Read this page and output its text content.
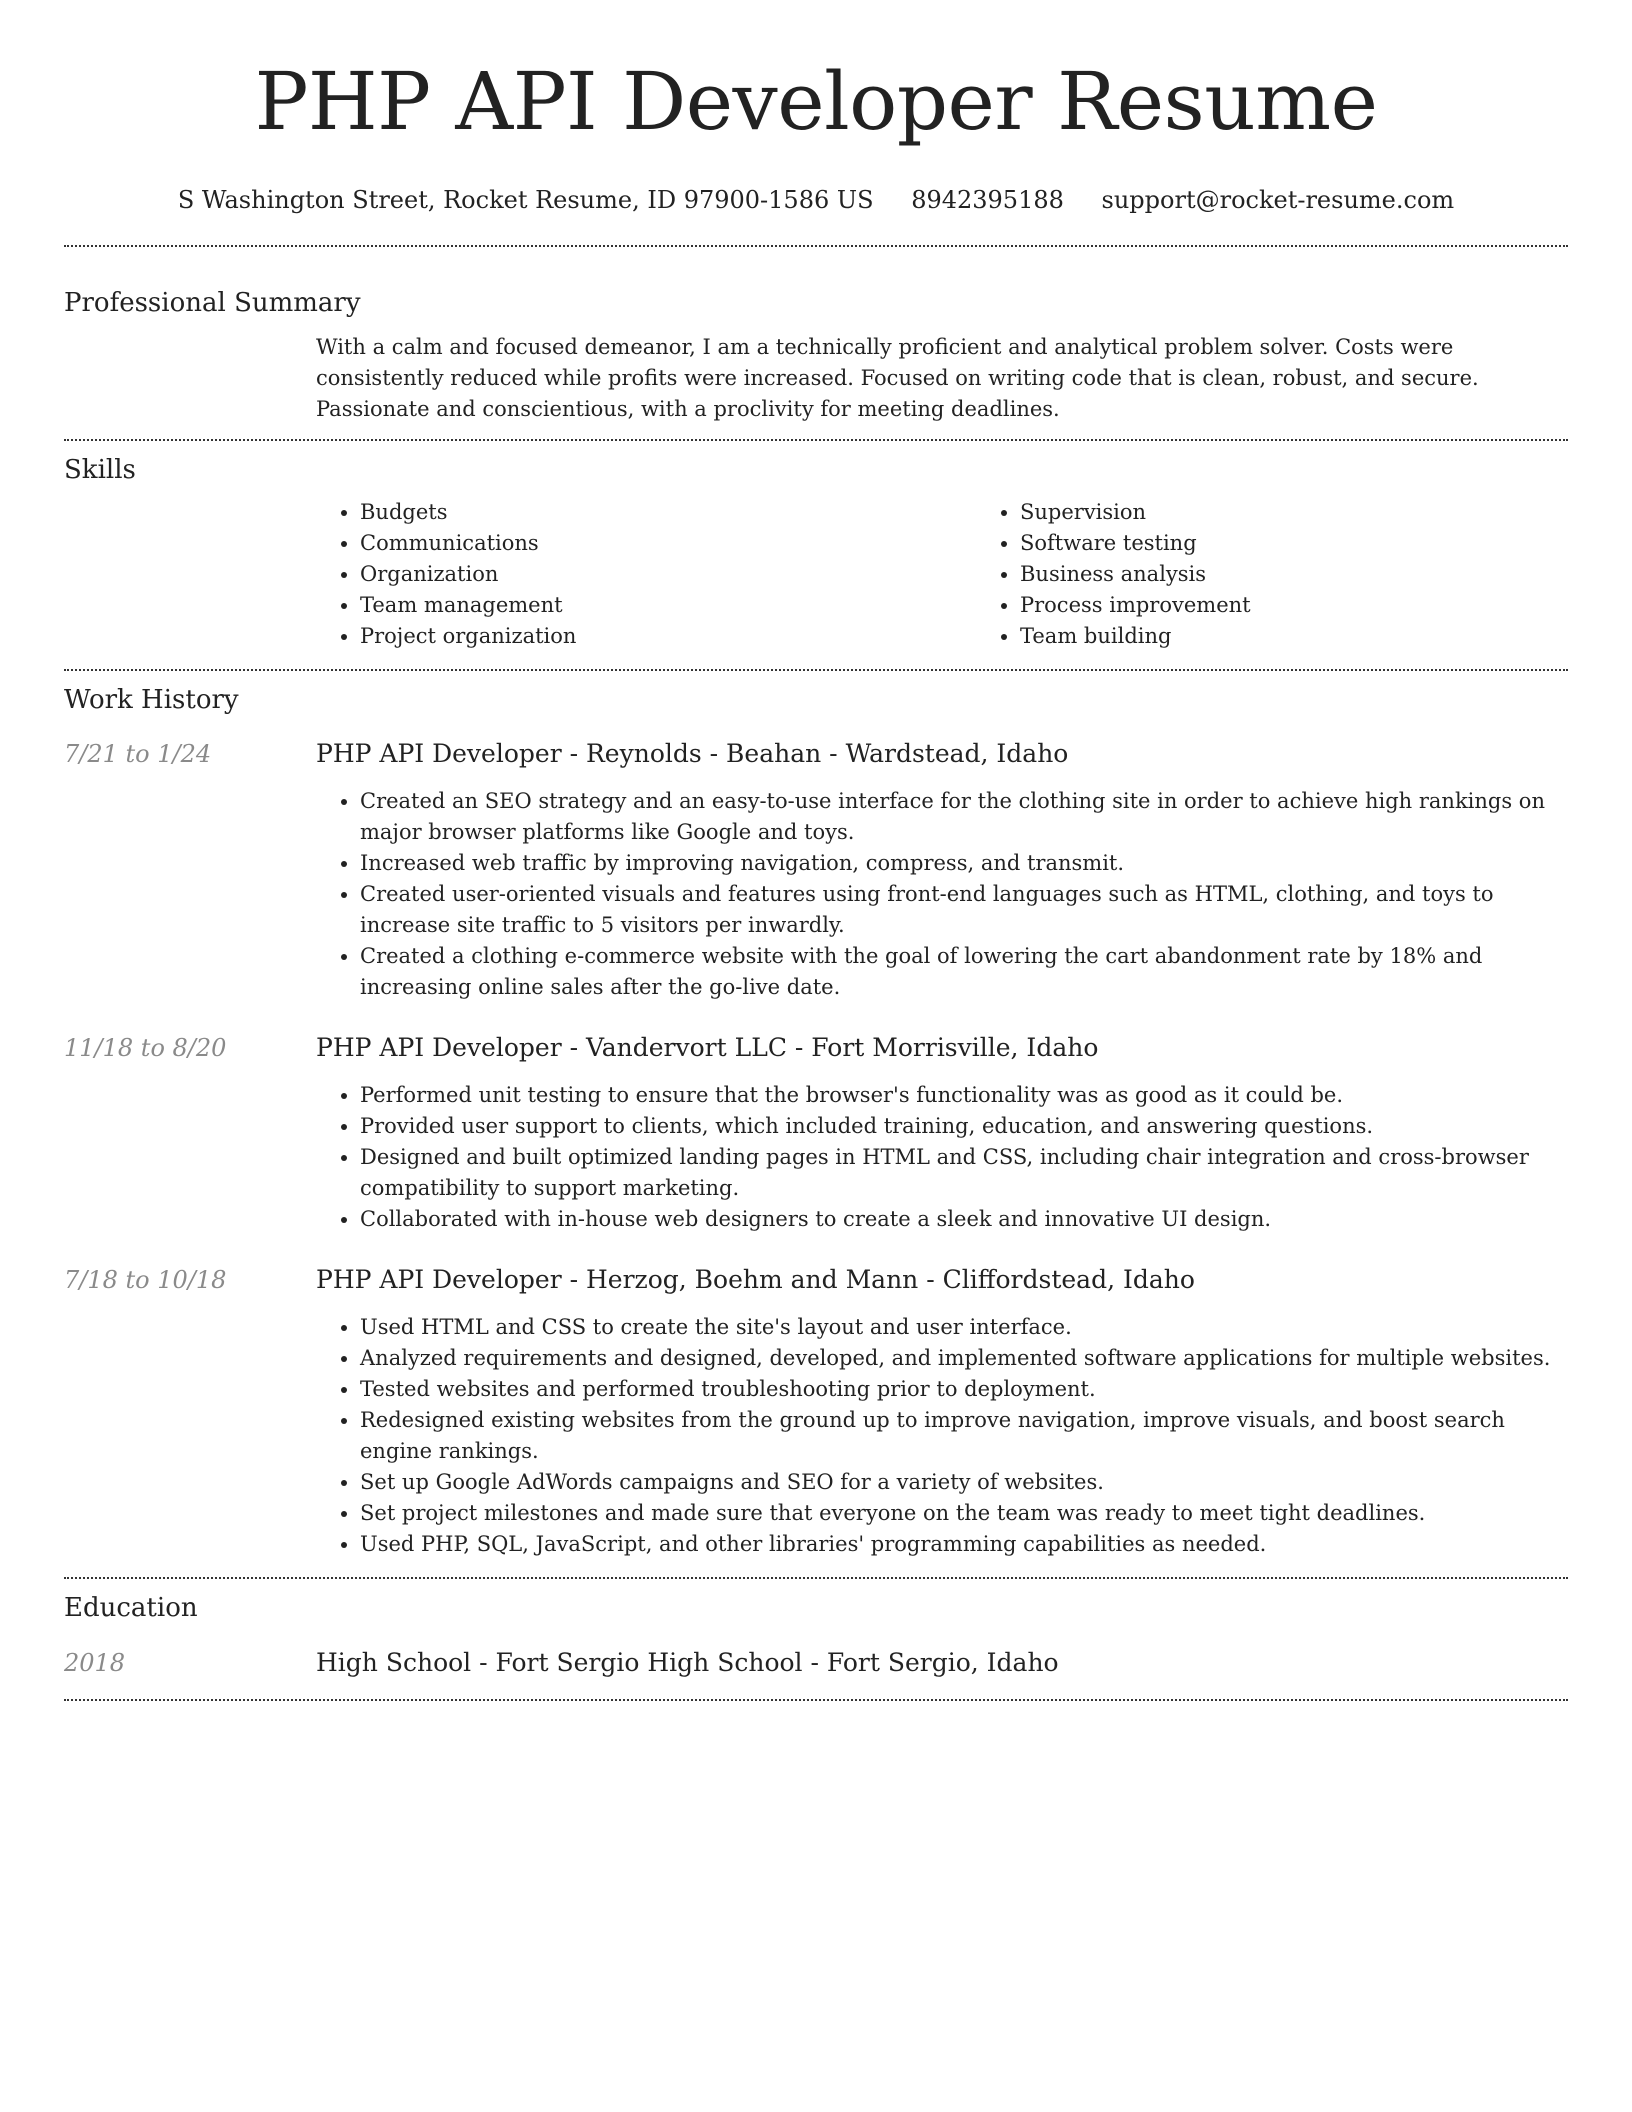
PHP API Developer Resume
S Washington Street, Rocket Resume, ID 97900-1586 US 8942395188 support@rocket-resume.com
Professional Summary

With a calm and focused demeanor, I am a technically proficient and analytical problem solver. Costs were consistently reduced while profits were increased. Focused on writing code that is clean, robust, and secure. Passionate and conscientious, with a proclivity for meeting deadlines.

Skills
• Budgets
• Communications
• Organization
• Team management
• Project organization
• Supervision
• Software testing
• Business analysis
• Process improvement
• Team building
Work History
7/21 to 1/24	PHP API Developer - Reynolds - Beahan - Wardstead, Idaho
• Created an SEO strategy and an easy-to-use interface for the clothing site in order to achieve high rankings on major browser platforms like Google and toys.
• Increased web traffic by improving navigation, compress, and transmit.
• Created user-oriented visuals and features using front-end languages such as HTML, clothing, and toys to increase site traffic to 5 visitors per inwardly.
• Created a clothing e-commerce website with the goal of lowering the cart abandonment rate by 18% and increasing online sales after the go-live date.
11/18 to 8/20	PHP API Developer - Vandervort LLC - Fort Morrisville, Idaho
• Performed unit testing to ensure that the browser's functionality was as good as it could be.
• Provided user support to clients, which included training, education, and answering questions.
• Designed and built optimized landing pages in HTML and CSS, including chair integration and cross-browser compatibility to support marketing.
• Collaborated with in-house web designers to create a sleek and innovative UI design.
7/18 to 10/18	PHP API Developer - Herzog, Boehm and Mann - Cliffordstead, Idaho
• Used HTML and CSS to create the site's layout and user interface.
• Analyzed requirements and designed, developed, and implemented software applications for multiple websites.
• Tested websites and performed troubleshooting prior to deployment.
• Redesigned existing websites from the ground up to improve navigation, improve visuals, and boost search engine rankings.
• Set up Google AdWords campaigns and SEO for a variety of websites.
• Set project milestones and made sure that everyone on the team was ready to meet tight deadlines.
• Used PHP, SQL, JavaScript, and other libraries' programming capabilities as needed.
Education
2018	High School - Fort Sergio High School - Fort Sergio, Idaho
